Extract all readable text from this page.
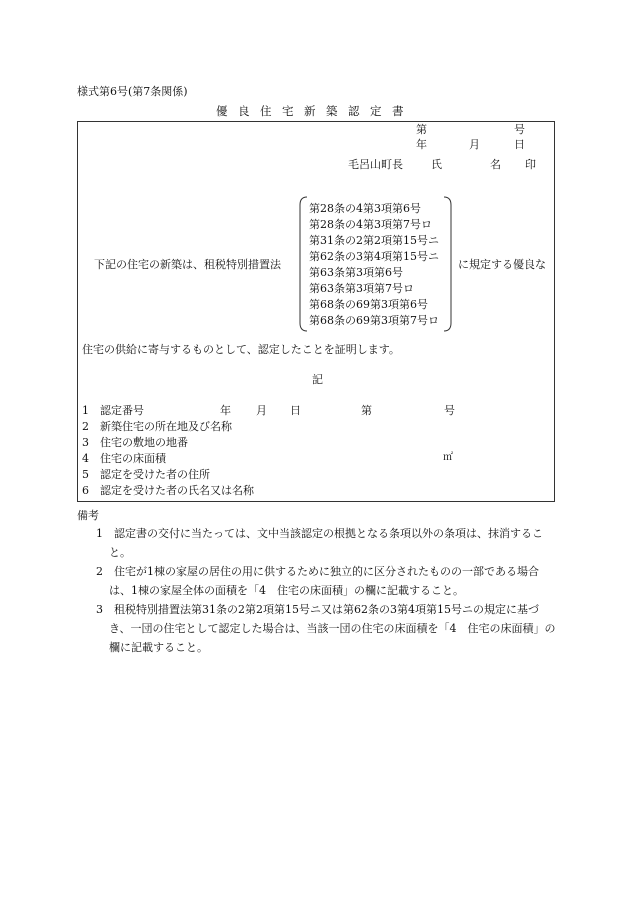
様式第6号(第7条関係)
優良住宅新築認定書
第	号
年	月	日
毛呂山町長	氏	名 印
下記の住宅の新築は、租税特別措置法
第28条の4第3項第6号
第28条の4第3項第7号ロ
第31条の2第2項第15号ニ
第62条の3第4項第15号ニ
第63条第3項第6号
第63条第3項第7号ロ
第68条の69第3項第6号
第68条の69第3項第7号ロ
に規定する優良な
住宅の供給に寄与するものとして、認定したことを証明します。
記
1 認定番号	年 月 日	第	号
2 新築住宅の所在地及び名称
3 住宅の敷地の地番
4 住宅の床面積	㎡
5 認定を受けた者の住所
6 認定を受けた者の氏名又は名称
備考
1　認定書の交付に当たっては、文中当該認定の根拠となる条項以外の条項は、抹消すること。
2　住宅が1棟の家屋の居住の用に供するために独立的に区分されたものの一部である場合は、1棟の家屋全体の面積を「4　住宅の床面積」の欄に記載すること。
3　租税特別措置法第31条の2第2項第15号ニ又は第62条の3第4項第15号ニの規定に基づき、一団の住宅として認定した場合は、当該一団の住宅の床面積を「4　住宅の床面積」の欄に記載すること。
